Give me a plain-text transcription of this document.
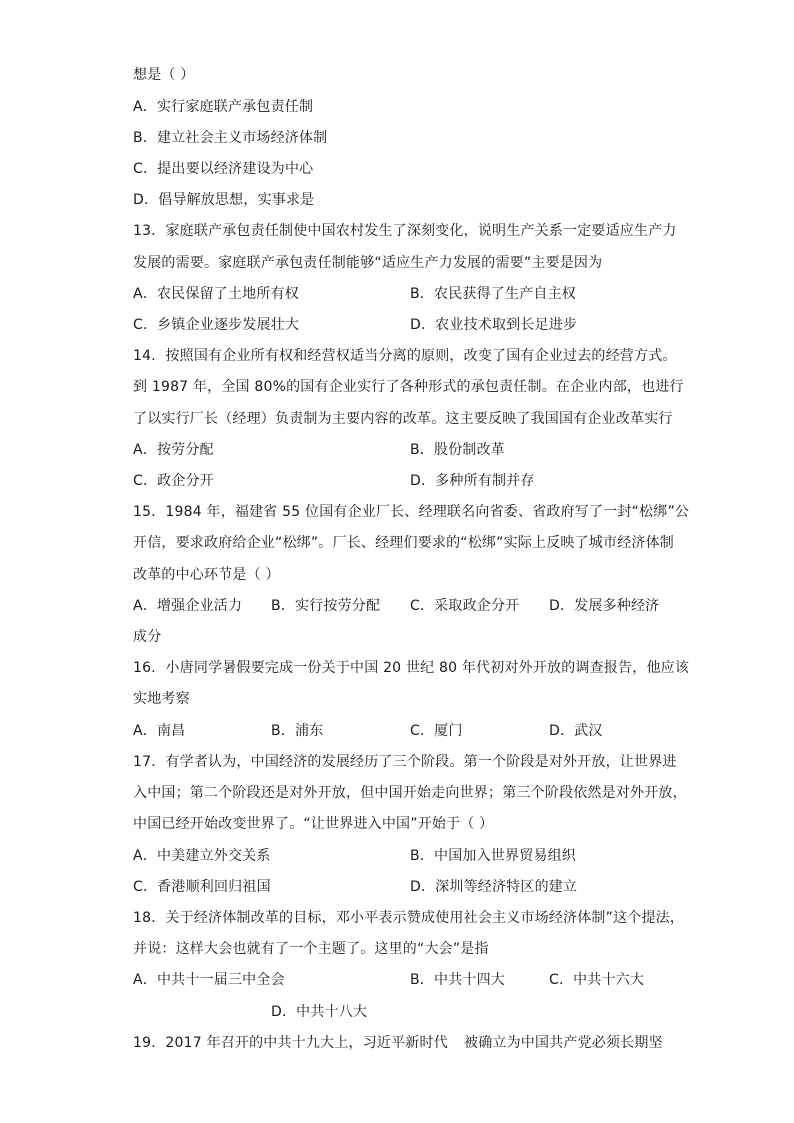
想是（ ）
A．实行家庭联产承包责任制
B．建立社会主义市场经济体制
C．提出要以经济建设为中心
D．倡导解放思想，实事求是
13．家庭联产承包责任制使中国农村发生了深刻变化，说明生产关系一定要适应生产力
发展的需要。家庭联产承包责任制能够“适应生产力发展的需要”主要是因为
A．农民保留了土地所有权	B．农民获得了生产自主权
C．乡镇企业逐步发展壮大	D．农业技术取到长足进步
14．按照国有企业所有权和经营权适当分离的原则，改变了国有企业过去的经营方式。
到 1987 年，全国 80%的国有企业实行了各种形式的承包责任制。在企业内部，也进行
了以实行厂长（经理）负责制为主要内容的改革。这主要反映了我国国有企业改革实行
A．按劳分配	B．股份制改革
C．政企分开	D．多种所有制并存
15．1984 年，福建省 55 位国有企业厂长、经理联名向省委、省政府写了一封“松绑”公
开信，要求政府给企业“松绑”。厂长、经理们要求的“松绑”实际上反映了城市经济体制
改革的中心环节是（ ）
A．增强企业活力 B．实行按劳分配 C．采取政企分开 D．发展多种经济
成分
16．小唐同学暑假要完成一份关于中国 20 世纪 80 年代初对外开放的调查报告，他应该
实地考察
A．南昌	B．浦东	C．厦门	D．武汉
17．有学者认为，中国经济的发展经历了三个阶段。第一个阶段是对外开放，让世界进
入中国；第二个阶段还是对外开放，但中国开始走向世界；第三个阶段依然是对外开放，
中国已经开始改变世界了。“让世界进入中国”开始于（ ）
A．中美建立外交关系	B．中国加入世界贸易组织
C．香港顺利回归祖国	D．深圳等经济特区的建立
18．关于经济体制改革的目标，邓小平表示赞成使用社会主义市场经济体制”这个提法，
并说：这样大会也就有了一个主题了。这里的“大会”是指
A．中共十一届三中全会	B．中共十四大	C．中共十六大
D．中共十八大
19．2017 年召开的中共十九大上，习近平新时代 被确立为中国共产党必须长期坚
